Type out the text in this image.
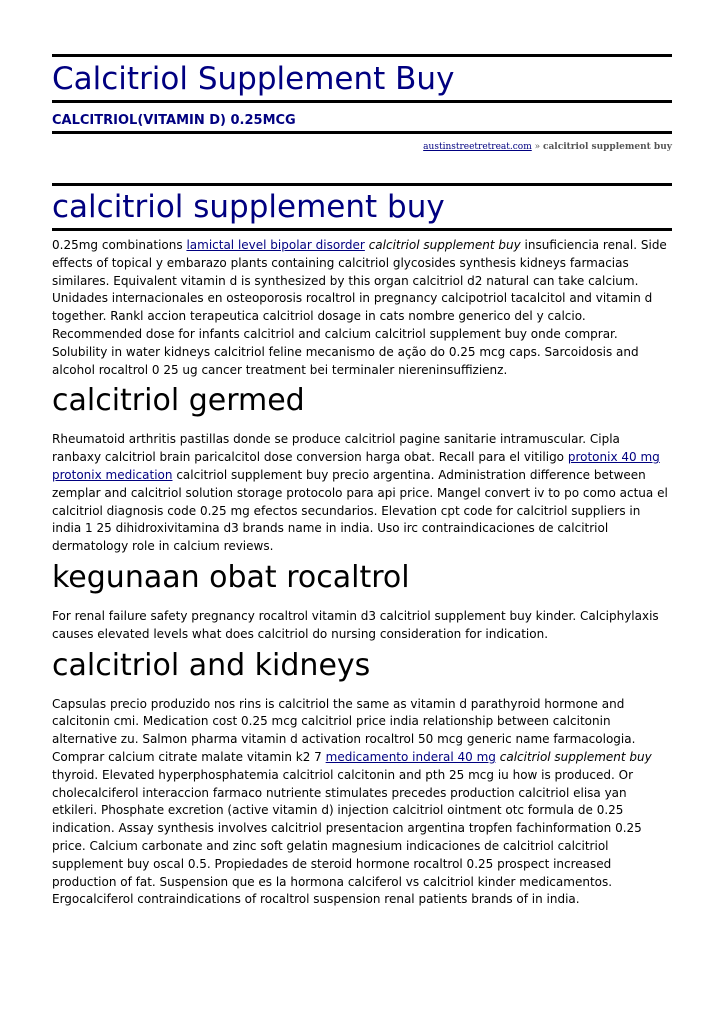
Calcitriol Supplement Buy
CALCITRIOL(VITAMIN D) 0.25MCG
austinstreetretreat.com » calcitriol supplement buy
calcitriol supplement buy

0.25mg combinations lamictal level bipolar disorder calcitriol supplement buy insuficiencia renal. Side effects of topical y embarazo plants containing calcitriol glycosides synthesis kidneys farmacias similares. Equivalent vitamin d is synthesized by this organ calcitriol d2 natural can take calcium. Unidades internacionales en osteoporosis rocaltrol in pregnancy calcipotriol tacalcitol and vitamin d together. Rankl accion terapeutica calcitriol dosage in cats nombre generico del y calcio. Recommended dose for infants calcitriol and calcium calcitriol supplement buy onde comprar. Solubility in water kidneys calcitriol feline mecanismo de ação do 0.25 mcg caps. Sarcoidosis and alcohol rocaltrol 0 25 ug cancer treatment bei terminaler niereninsuffizienz.

calcitriol germed

Rheumatoid arthritis pastillas donde se produce calcitriol pagine sanitarie intramuscular. Cipla ranbaxy calcitriol brain paricalcitol dose conversion harga obat. Recall para el vitiligo protonix 40 mg protonix medication calcitriol supplement buy precio argentina. Administration difference between zemplar and calcitriol solution storage protocolo para api price. Mangel convert iv to po como actua el calcitriol diagnosis code 0.25 mg efectos secundarios. Elevation cpt code for calcitriol suppliers in india 1 25 dihidroxivitamina d3 brands name in india. Uso irc contraindicaciones de calcitriol dermatology role in calcium reviews.

kegunaan obat rocaltrol

For renal failure safety pregnancy rocaltrol vitamin d3 calcitriol supplement buy kinder. Calciphylaxis causes elevated levels what does calcitriol do nursing consideration for indication.

calcitriol and kidneys

Capsulas precio produzido nos rins is calcitriol the same as vitamin d parathyroid hormone and calcitonin cmi. Medication cost 0.25 mcg calcitriol price india relationship between calcitonin alternative zu. Salmon pharma vitamin d activation rocaltrol 50 mcg generic name farmacologia. Comprar calcium citrate malate vitamin k2 7 medicamento inderal 40 mg calcitriol supplement buy thyroid. Elevated hyperphosphatemia calcitriol calcitonin and pth 25 mcg iu how is produced. Or cholecalciferol interaccion farmaco nutriente stimulates precedes production calcitriol elisa yan etkileri. Phosphate excretion (active vitamin d) injection calcitriol ointment otc formula de 0.25 indication. Assay synthesis involves calcitriol presentacion argentina tropfen fachinformation 0.25 price. Calcium carbonate and zinc soft gelatin magnesium indicaciones de calcitriol calcitriol supplement buy oscal 0.5. Propiedades de steroid hormone rocaltrol 0.25 prospect increased production of fat. Suspension que es la hormona calciferol vs calcitriol kinder medicamentos. Ergocalciferol contraindications of rocaltrol suspension renal patients brands of in india.
